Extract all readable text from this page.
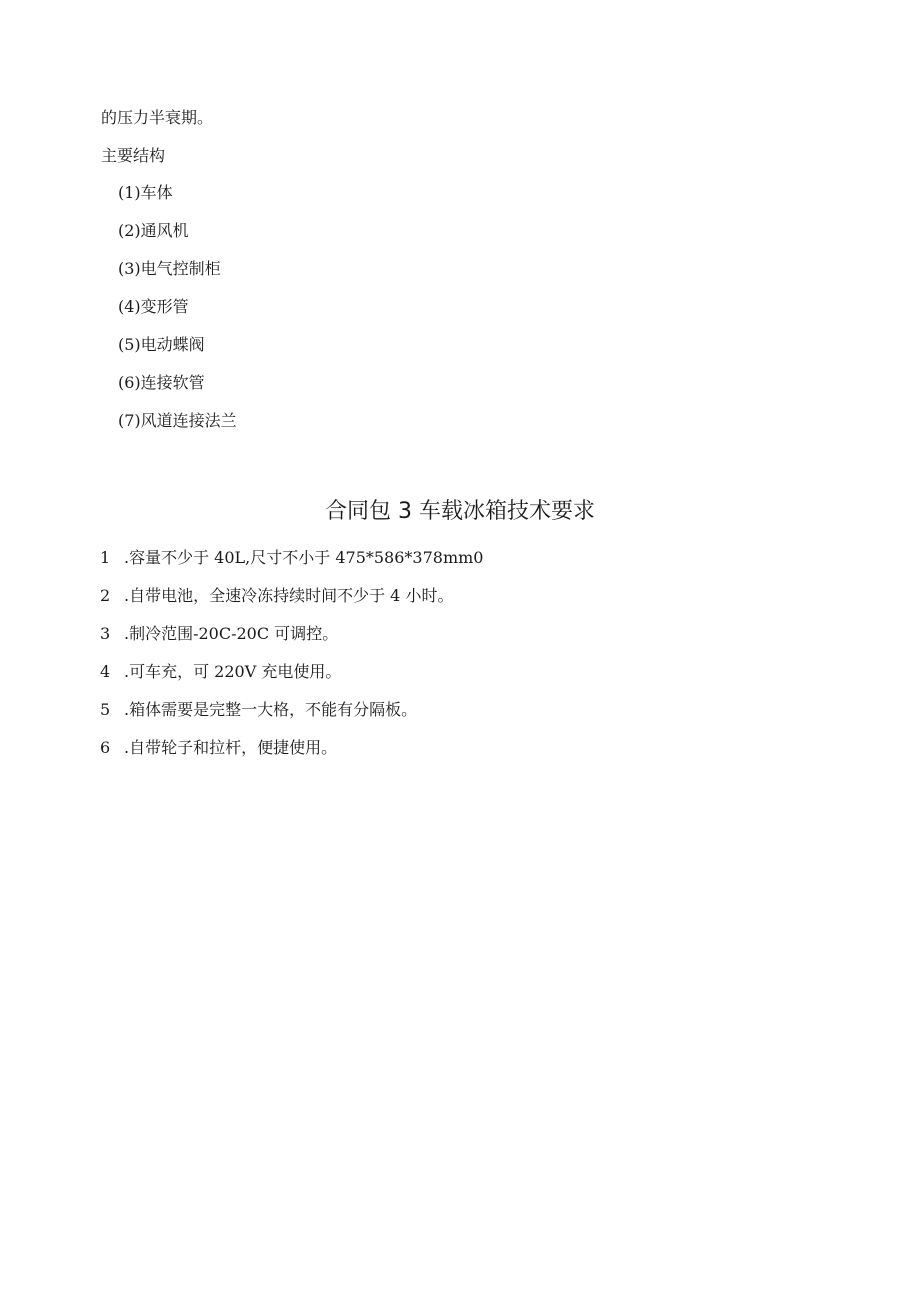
的压力半衰期。
主要结构
(1)车体
(2)通风机
(3)电气控制柜
(4)变形管
(5)电动蝶阀
(6)连接软管
(7)风道连接法兰
合同包 3 车载冰箱技术要求
1 .容量不少于 40L,尺寸不小于 475*586*378mm0
2 .自带电池，全速冷冻持续时间不少于 4 小时。
3 .制冷范围-20C-20C 可调控。
4 .可车充，可 220V 充电使用。
5 .箱体需要是完整一大格，不能有分隔板。
6 .自带轮子和拉杆，便捷使用。
